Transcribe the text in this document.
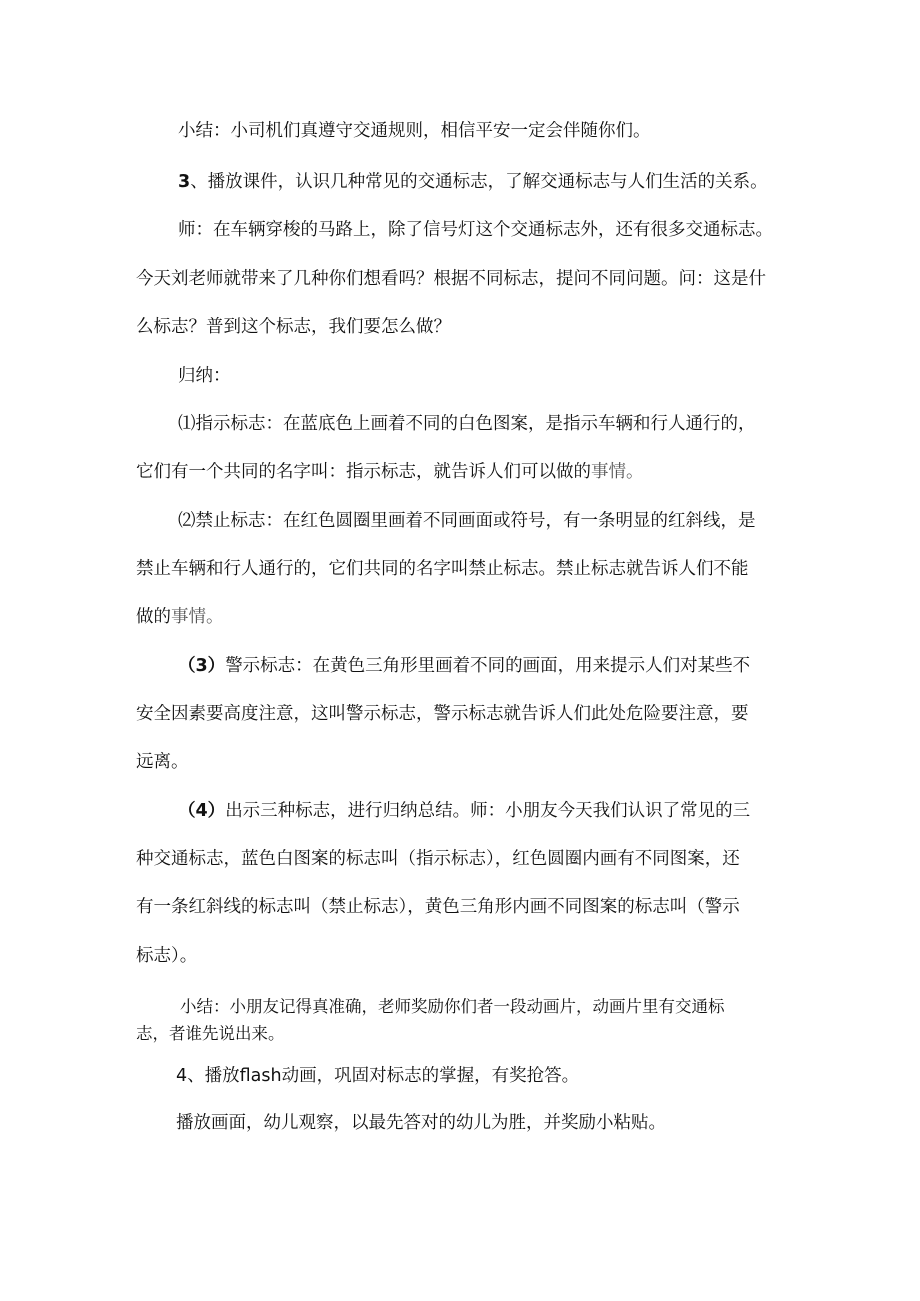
小结：小司机们真遵守交通规则，相信平安一定会伴随你们。

3、播放课件，认识几种常见的交通标志，了解交通标志与人们生活的关系。

师：在车辆穿梭的马路上，除了信号灯这个交通标志外，还有很多交通标志。

今天刘老师就带来了几种你们想看吗？根据不同标志，提问不同问题。问：这是什

么标志？普到这个标志，我们要怎么做？

归纳：

⑴指示标志：在蓝底色上画着不同的白色图案，是指示车辆和行人通行的，

它们有一个共同的名字叫：指示标志，就告诉人们可以做的事情。

⑵禁止标志：在红色圆圈里画着不同画面或符号，有一条明显的红斜线，是

禁止车辆和行人通行的，它们共同的名字叫禁止标志。禁止标志就告诉人们不能

做的事情。

（3）警示标志：在黄色三角形里画着不同的画面，用来提示人们对某些不

安全因素要高度注意，这叫警示标志，警示标志就告诉人们此处危险要注意，要

远离。

（4）出示三种标志，进行归纳总结。师：小朋友今天我们认识了常见的三

种交通标志，蓝色白图案的标志叫（指示标志），红色圆圈内画有不同图案，还

有一条红斜线的标志叫（禁止标志），黄色三角形内画不同图案的标志叫（警示

标志）。

小结：小朋友记得真准确，老师奖励你们者一段动画片，动画片里有交通标

志，者谁先说出来。

4、播放flash动画，巩固对标志的掌握，有奖抢答。

播放画面，幼儿观察，以最先答对的幼儿为胜，并奖励小粘贴。
